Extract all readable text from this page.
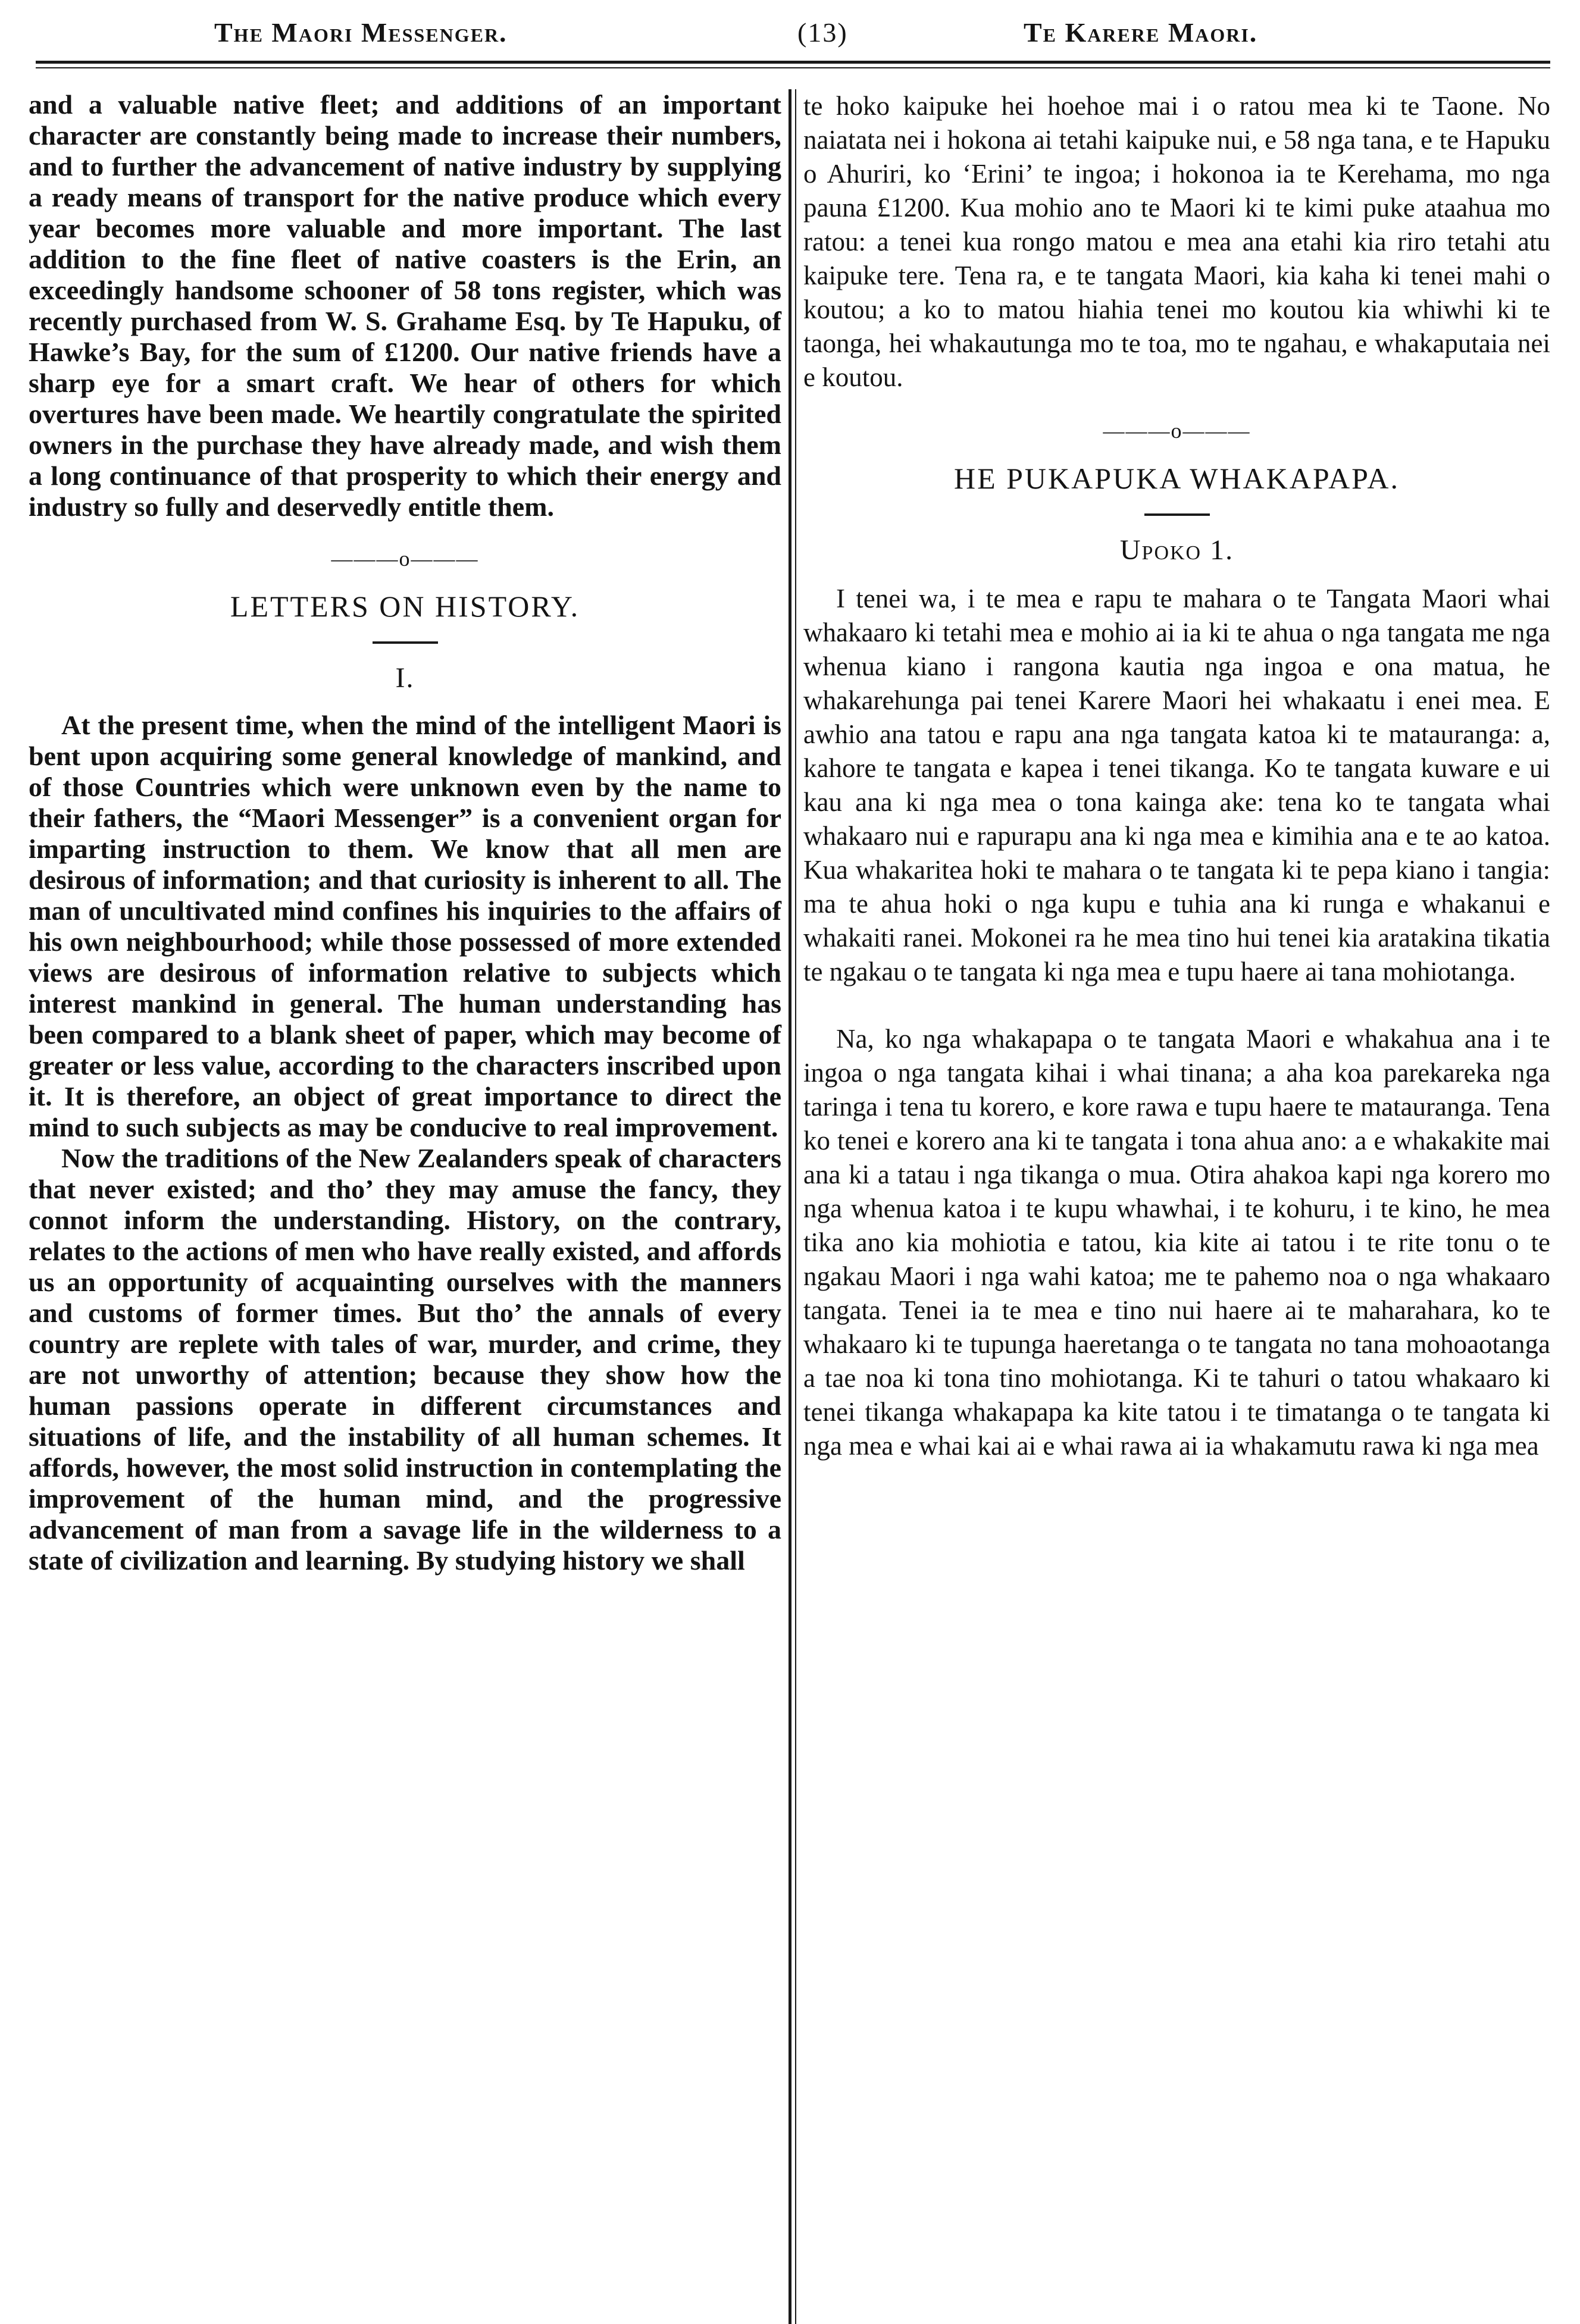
The Maori Messenger.	(13)	Te Karere Maori.

and a valuable native fleet; and additions of an important character are constantly being made to increase their numbers, and to further the advancement of native industry by supplying a ready means of transport for the native produce which every year becomes more valuable and more important. The last addition to the fine fleet of native coasters is the Erin, an exceedingly handsome schooner of 58 tons register, which was recently purchased from W. S. Grahame Esq. by Te Hapuku, of Hawke’s Bay, for the sum of £1200. Our native friends have a sharp eye for a smart craft. We hear of others for which overtures have been made. We heartily congratulate the spirited owners in the purchase they have already made, and wish them a long continuance of that prosperity to which their energy and industry so fully and deservedly entitle them.

———o———
LETTERS ON HISTORY.
I.

At the present time, when the mind of the intelligent Maori is bent upon acquiring some general knowledge of mankind, and of those Countries which were unknown even by the name to their fathers, the “Maori Messenger” is a convenient organ for imparting instruction to them. We know that all men are desirous of information; and that curiosity is inherent to all. The man of uncultivated mind confines his inquiries to the affairs of his own neighbourhood; while those possessed of more extended views are desirous of information relative to subjects which interest mankind in general. The human understanding has been compared to a blank sheet of paper, which may become of greater or less value, according to the characters inscribed upon it. It is therefore, an object of great importance to direct the mind to such subjects as may be conducive to real improvement.

Now the traditions of the New Zealanders speak of characters that never existed; and tho’ they may amuse the fancy, they connot inform the understanding. History, on the contrary, relates to the actions of men who have really existed, and affords us an opportunity of acquainting ourselves with the manners and customs of former times. But tho’ the annals of every country are replete with tales of war, murder, and crime, they are not unworthy of attention; because they show how the human passions operate in different circumstances and situations of life, and the instability of all human schemes. It affords, however, the most solid instruction in contemplating the improvement of the human mind, and the progressive advancement of man from a savage life in the wilderness to a state of civilization and learning. By studying history we shall

te hoko kaipuke hei hoehoe mai i o ratou mea ki te Taone. No naiatata nei i hokona ai tetahi kaipuke nui, e 58 nga tana, e te Hapuku o Ahuriri, ko ‘Erini’ te ingoa; i hokonoa ia te Kerehama, mo nga pauna £1200. Kua mohio ano te Maori ki te kimi puke ataahua mo ratou: a tenei kua rongo matou e mea ana etahi kia riro tetahi atu kaipuke tere. Tena ra, e te tangata Maori, kia kaha ki tenei mahi o koutou; a ko to matou hiahia tenei mo koutou kia whiwhi ki te taonga, hei whakautunga mo te toa, mo te ngahau, e whakaputaia nei e koutou.

———o———
HE PUKAPUKA WHAKAPAPA.
Upoko 1.

I tenei wa, i te mea e rapu te mahara o te Tangata Maori whai whakaaro ki tetahi mea e mohio ai ia ki te ahua o nga tangata me nga whenua kiano i rangona kautia nga ingoa e ona matua, he whakarehunga pai tenei Karere Maori hei whakaatu i enei mea. E awhio ana tatou e rapu ana nga tangata katoa ki te matauranga: a, kahore te tangata e kapea i tenei tikanga. Ko te tangata kuware e ui kau ana ki nga mea o tona kainga ake: tena ko te tangata whai whakaaro nui e rapurapu ana ki nga mea e kimihia ana e te ao katoa. Kua whakaritea hoki te mahara o te tangata ki te pepa kiano i tangia: ma te ahua hoki o nga kupu e tuhia ana ki runga e whakanui e whakaiti ranei. Mokonei ra he mea tino hui tenei kia aratakina tikatia te ngakau o te tangata ki nga mea e tupu haere ai tana mohiotanga.

Na, ko nga whakapapa o te tangata Maori e whakahua ana i te ingoa o nga tangata kihai i whai tinana; a aha koa parekareka nga taringa i tena tu korero, e kore rawa e tupu haere te matauranga. Tena ko tenei e korero ana ki te tangata i tona ahua ano: a e whakakite mai ana ki a tatau i nga tikanga o mua. Otira ahakoa kapi nga korero mo nga whenua katoa i te kupu whawhai, i te kohuru, i te kino, he mea tika ano kia mohiotia e tatou, kia kite ai tatou i te rite tonu o te ngakau Maori i nga wahi katoa; me te pahemo noa o nga whakaaro tangata. Tenei ia te mea e tino nui haere ai te maharahara, ko te whakaaro ki te tupunga haeretanga o te tangata no tana mohoaotanga a tae noa ki tona tino mohiotanga. Ki te tahuri o tatou whakaaro ki tenei tikanga whakapapa ka kite tatou i te timatanga o te tangata ki nga mea e whai kai ai e whai rawa ai ia whakamutu rawa ki nga mea
